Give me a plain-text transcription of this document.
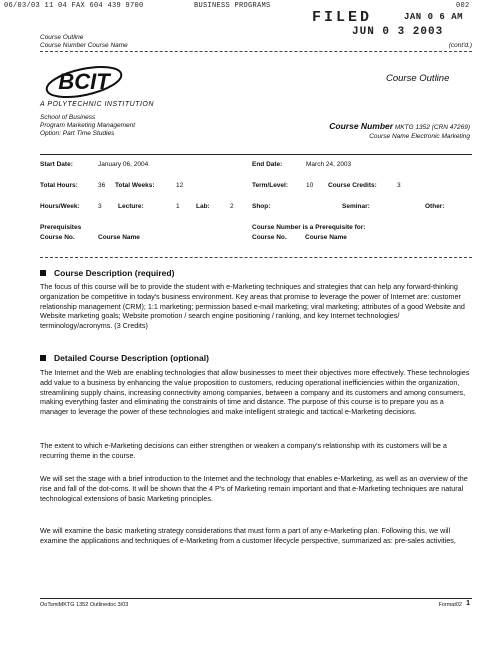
06/03/03 11 04 FAX 604 439 9700	BUSINESS PROGRAMS	002
FILED	JAN 0 6 AM
JUN 0 3 2003
Course Outline
Course Number Course Name	(cont'd.)
BCIT
A POLYTECHNIC INSTITUTION
Course Outline
School of Business
Program Marketing Management
Option: Part Time Studies
Course Number MKTG 1352 (CRN 47269)
Course Name Electronic Marketing
Start Date:	January 06, 2004	End Date:	March 24, 2003
Total Hours:	36 Total Weeks:	12	Term/Level:	10 Course Credits:	3
Hours/Week:	3	Lecture:	1	Lab:	2	Shop:	Seminar:	Other:
Prerequisites
Course No.	Course Name
Course Number is a Prerequisite for:
Course No.	Course Name
Course Description (required)
The focus of this course will be to provide the student with e-Marketing techniques and strategies that can help any forward-thinking organization be competitive in today's business environment. Key areas that promise to leverage the power of Internet are: customer relationship management (CRM); 1:1 marketing; permission based e-mail marketing; viral marketing; attributes of a good Website and Website marketing goals; Website promotion / search engine positioning / ranking, and key Internet technologies/ terminology/acronyms. (3 Credits)
Detailed Course Description (optional)
The Internet and the Web are enabling technologies that allow businesses to meet their objectives more effectively. These technologies add value to a business by enhancing the value proposition to customers, reducing operational inefficiencies within the organization, streamlining supply chains, increasing connectivity among companies, between a company and its customers and among consumers, making everything faster and eliminating the constraints of time and distance. The purpose of this course is to prepare you as a manager to leverage the power of these technologies and make intelligent strategic and tactical e-Marketing decisions.
The extent to which e-Marketing decisions can either strengthen or weaken a company's relationship with its customers will be a recurring theme in the course.
We will set the stage with a brief introduction to the Internet and the technology that enables e-Marketing, as well as an overview of the rise and fall of the dot-coms. It will be shown that the 4 P's of Marketing remain important and that e-Marketing techniques are natural technological extensions of basic Marketing principles.
We will examine the basic marketing strategy considerations that must form a part of any e-Marketing plan. Following this, we will examine the applications and techniques of e-Marketing from a customer lifecycle perspective, summarized as: pre-sales activities,
OoTsmiMKTG 1352 Outlinedoc 3/03	Format02 1
